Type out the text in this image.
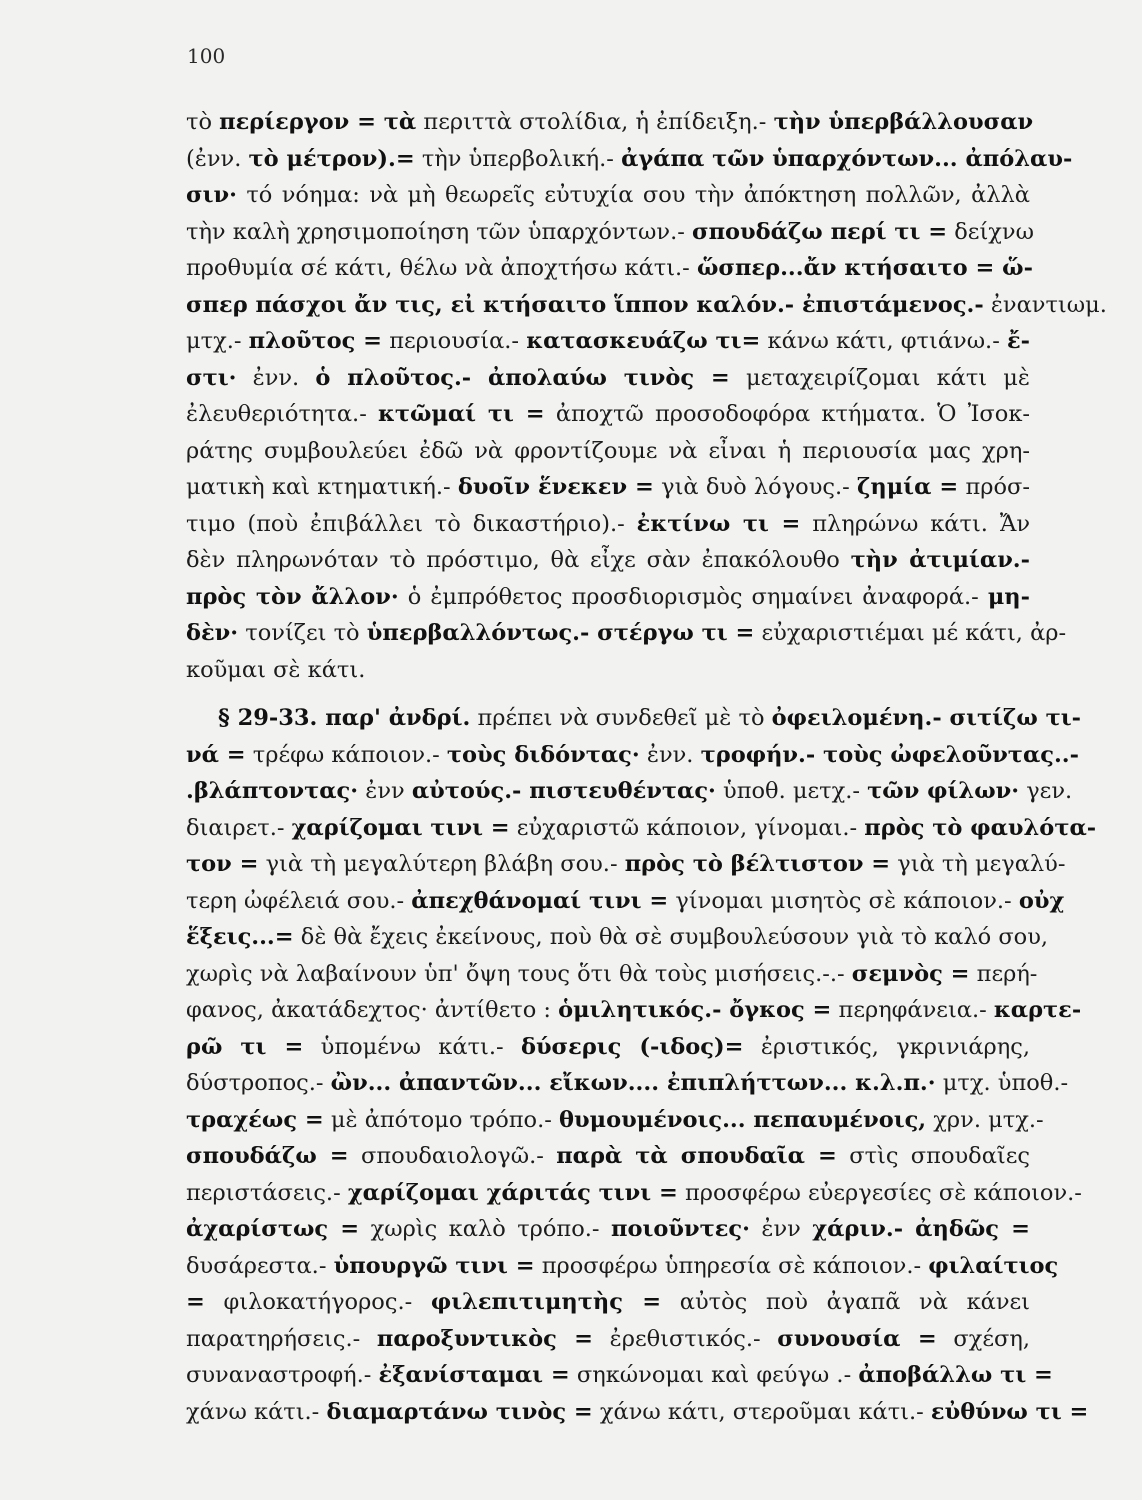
100
τὸ περίεργον = τὰ περιττὰ στολίδια, ἡ ἐπίδειξη.- τὴν ὑπερβάλλουσαν
(ἐνν. τὸ μέτρον).= τὴν ὑπερβολική.- ἀγάπα τῶν ὑπαρχόντων... ἀπόλαυ-
σιν· τό νόημα: νὰ μὴ θεωρεῖς εὐτυχία σου τὴν ἀπόκτηση πολλῶν, ἀλλὰ
τὴν καλὴ χρησιμοποίηση τῶν ὑπαρχόντων.- σπουδάζω περί τι = δείχνω
προθυμία σέ κάτι, θέλω νὰ ἀποχτήσω κάτι.- ὥσπερ...ἄν κτήσαιτο = ὥ-
σπερ πάσχοι ἄν τις, εἰ κτήσαιτο ἵππον καλόν.- ἐπιστάμενος.- ἐναντιωμ.
μτχ.- πλοῦτος = περιουσία.- κατασκευάζω τι= κάνω κάτι, φτιάνω.- ἔ-
στι· ἐνν. ὁ πλοῦτος.- ἀπολαύω τινὸς = μεταχειρίζομαι κάτι μὲ
ἐλευθεριότητα.- κτῶμαί τι = ἀποχτῶ προσοδοφόρα κτήματα. Ὁ Ἰσοκ-
ράτης συμβουλεύει ἐδῶ νὰ φροντίζουμε νὰ εἶναι ἡ περιουσία μας χρη-
ματικὴ καὶ κτηματική.- δυοῖν ἕνεκεν = γιὰ δυὸ λόγους.- ζημία = πρόσ-
τιμο (ποὺ ἐπιβάλλει τὸ δικαστήριο).- ἐκτίνω τι = πληρώνω κάτι. Ἄν
δὲν πληρωνόταν τὸ πρόστιμο, θὰ εἶχε σὰν ἐπακόλουθο τὴν ἀτιμίαν.-
πρὸς τὸν ἄλλον· ὁ ἐμπρόθετος προσδιορισμὸς σημαίνει ἀναφορά.- μη-
δὲν· τονίζει τὸ ὑπερβαλλόντως.- στέργω τι = εὐχαριστιέμαι μέ κάτι, ἀρ-
κοῦμαι σὲ κάτι.
§ 29-33. παρ' ἀνδρί. πρέπει νὰ συνδεθεῖ μὲ τὸ ὀφειλομένη.- σιτίζω τι-
νά = τρέφω κάποιον.- τοὺς διδόντας· ἐνν. τροφήν.- τοὺς ὠφελοῦντας..-
.βλάπτοντας· ἐνν αὐτούς.- πιστευθέντας· ὑποθ. μετχ.- τῶν φίλων· γεν.
διαιρετ.- χαρίζομαι τινι = εὐχαριστῶ κάποιον, γίνομαι.- πρὸς τὸ φαυλότα-
τον = γιὰ τὴ μεγαλύτερη βλάβη σου.- πρὸς τὸ βέλτιστον = γιὰ τὴ μεγαλύ-
τερη ὠφέλειά σου.- ἀπεχθάνομαί τινι = γίνομαι μισητὸς σὲ κάποιον.- οὐχ
ἕξεις...= δὲ θὰ ἔχεις ἐκείνους, ποὺ θὰ σὲ συμβουλεύσουν γιὰ τὸ καλό σου,
χωρὶς νὰ λαβαίνουν ὑπ' ὄψη τους ὅτι θὰ τοὺς μισήσεις.-.- σεμνὸς = περή-
φανος, ἀκατάδεχτος· ἀντίθετο : ὁμιλητικός.- ὄγκος = περηφάνεια.- καρτε-
ρῶ τι = ὑπομένω κάτι.- δύσερις (-ιδος)= ἐριστικός, γκρινιάρης,
δύστροπος.- ὢν... ἀπαντῶν... εἴκων.... ἐπιπλήττων... κ.λ.π.· μτχ. ὑποθ.-
τραχέως = μὲ ἀπότομο τρόπο.- θυμουμένοις... πεπαυμένοις, χρν. μτχ.-
σπουδάζω = σπουδαιολογῶ.- παρὰ τὰ σπουδαῖα = στὶς σπουδαῖες
περιστάσεις.- χαρίζομαι χάριτάς τινι = προσφέρω εὐεργεσίες σὲ κάποιον.-
ἀχαρίστως = χωρὶς καλὸ τρόπο.- ποιοῦντες· ἐνν χάριν.- ἀηδῶς =
δυσάρεστα.- ὑπουργῶ τινι = προσφέρω ὑπηρεσία σὲ κάποιον.- φιλαίτιος
= φιλοκατήγορος.- φιλεπιτιμητὴς = αὐτὸς ποὺ ἀγαπᾶ νὰ κάνει
παρατηρήσεις.- παροξυντικὸς = ἐρεθιστικός.- συνουσία = σχέση,
συναναστροφή.- ἐξανίσταμαι = σηκώνομαι καὶ φεύγω .- ἀποβάλλω τι =
χάνω κάτι.- διαμαρτάνω τινὸς = χάνω κάτι, στεροῦμαι κάτι.- εὐθύνω τι =
